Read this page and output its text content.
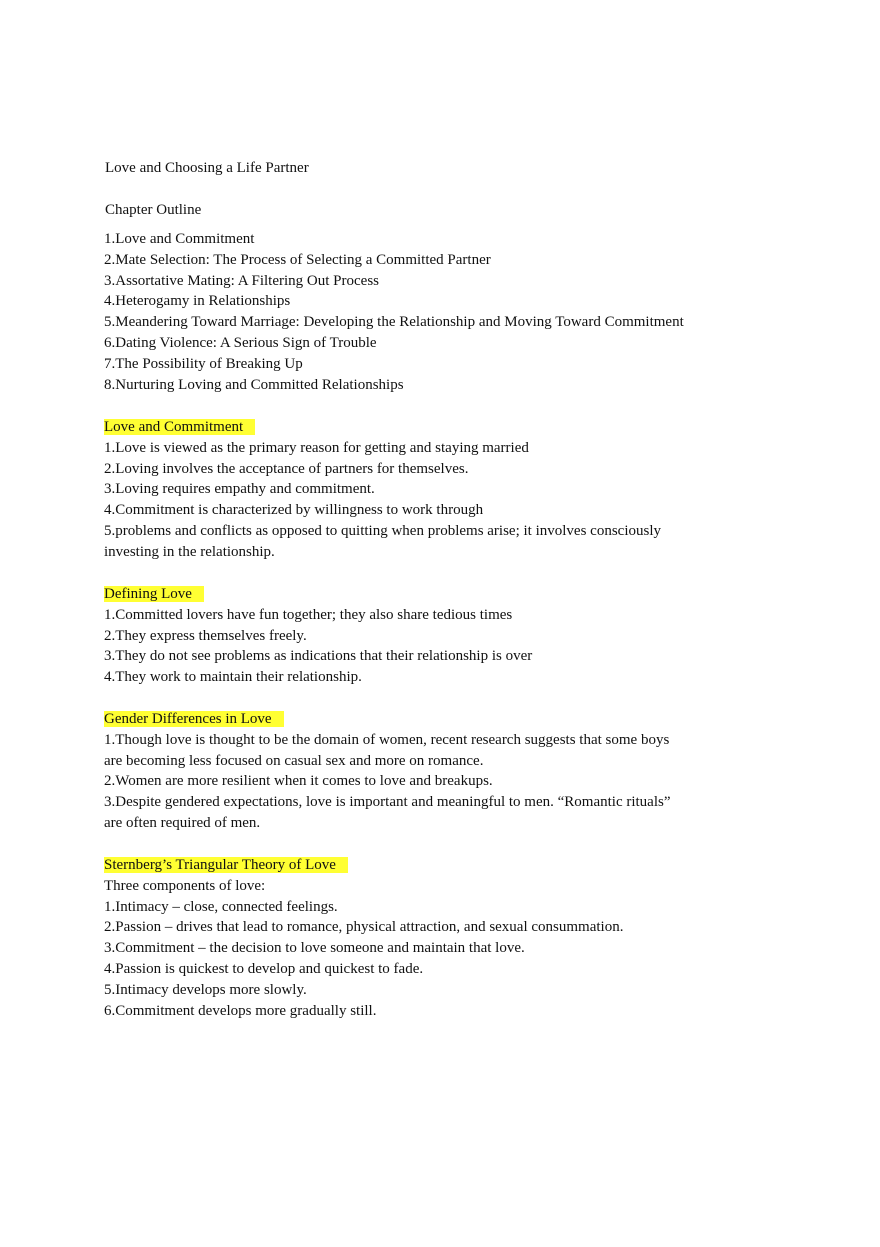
Love and Choosing a Life Partner
Chapter Outline
1.Love and Commitment
2.Mate Selection: The Process of Selecting a Committed Partner
3.Assortative Mating: A Filtering Out Process
4.Heterogamy in Relationships
5.Meandering Toward Marriage: Developing the Relationship and Moving Toward Commitment
6.Dating Violence: A Serious Sign of Trouble
7.The Possibility of Breaking Up
8.Nurturing Loving and Committed Relationships
Love and Commitment
1.Love is viewed as the primary reason for getting and staying married
2.Loving involves the acceptance of partners for themselves.
3.Loving requires empathy and commitment.
4.Commitment is characterized by willingness to work through
5.problems and conflicts as opposed to quitting when problems arise; it involves consciously
investing in the relationship.
Defining Love
1.Committed lovers have fun together; they also share tedious times
2.They express themselves freely.
3.They do not see problems as indications that their relationship is over
4.They work to maintain their relationship.
Gender Differences in Love
1.Though love is thought to be the domain of women, recent research suggests that some boys
are becoming less focused on casual sex and more on romance.
2.Women are more resilient when it comes to love and breakups.
3.Despite gendered expectations, love is important and meaningful to men. “Romantic rituals”
are often required of men.
Sternberg’s Triangular Theory of Love
Three components of love:
1.Intimacy – close, connected feelings.
2.Passion – drives that lead to romance, physical attraction, and sexual consummation.
3.Commitment – the decision to love someone and maintain that love.
4.Passion is quickest to develop and quickest to fade.
5.Intimacy develops more slowly.
6.Commitment develops more gradually still.
